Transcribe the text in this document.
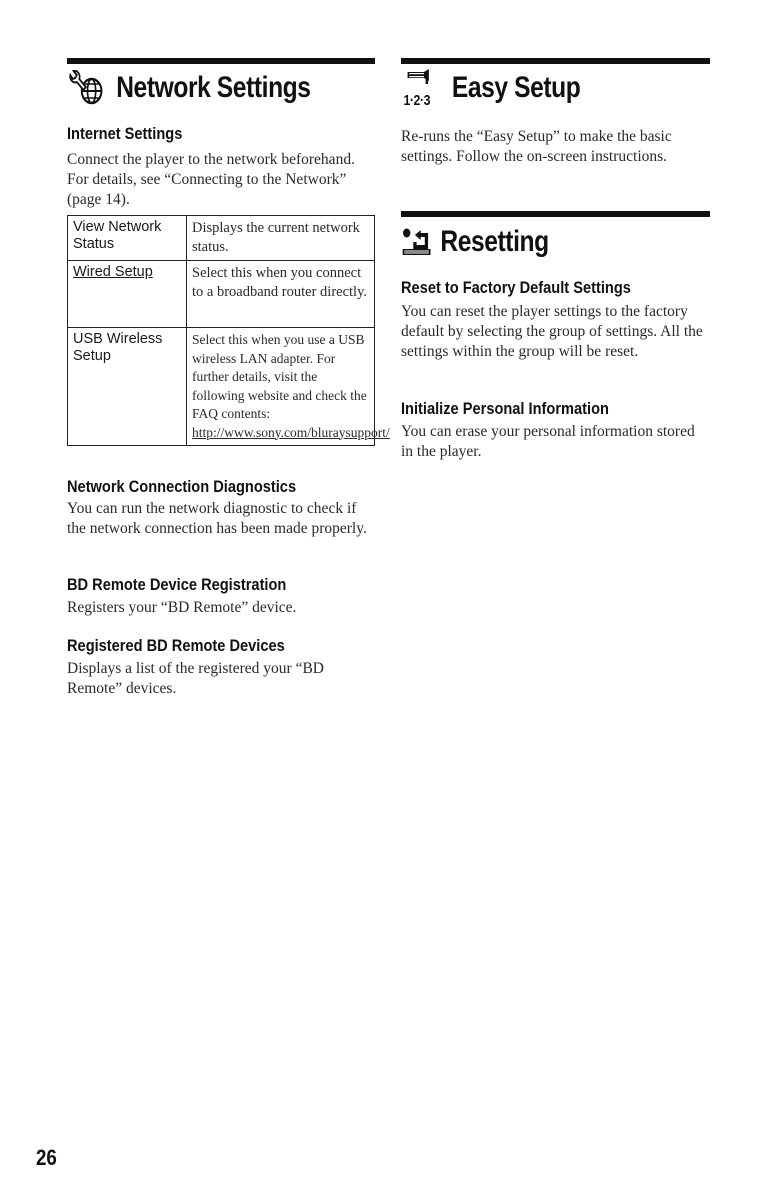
Network Settings
Internet Settings

Connect the player to the network beforehand. For details, see “Connecting to the Network” (page 14).

View Network Status	Displays the current network status.
Wired Setup	Select this when you connect to a broadband router directly.
USB Wireless Setup	Select this when you use a USB wireless LAN adapter. For further details, visit the following website and check the FAQ contents: http://www.sony.com/bluraysupport/
Network Connection Diagnostics

You can run the network diagnostic to check if the network connection has been made properly.

BD Remote Device Registration

Registers your “BD Remote” device.

Registered BD Remote Devices

Displays a list of the registered your “BD Remote” devices.

1·2·3 Easy Setup

Re-runs the “Easy Setup” to make the basic settings. Follow the on-screen instructions.

Resetting
Reset to Factory Default Settings

You can reset the player settings to the factory default by selecting the group of settings. All the settings within the group will be reset.

Initialize Personal Information

You can erase your personal information stored in the player.

26
